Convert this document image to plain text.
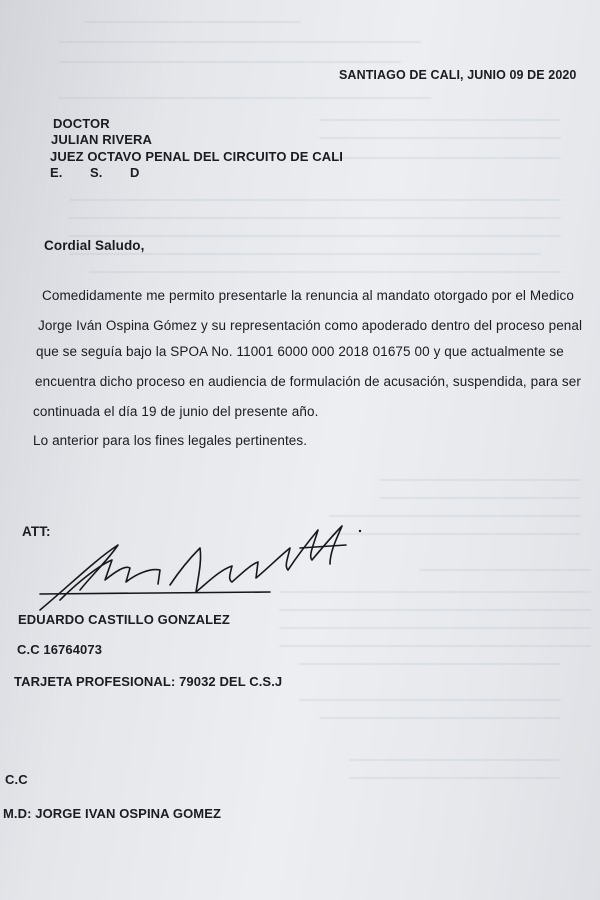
SANTIAGO DE CALI, JUNIO 09 DE 2020
DOCTOR
JULIAN RIVERA
JUEZ OCTAVO PENAL DEL CIRCUITO DE CALI
E. S. D
Cordial Saludo,
Comedidamente me permito presentarle la renuncia al mandato otorgado por el Medico
Jorge Iván Ospina Gómez y su representación como apoderado dentro del proceso penal
que se seguía bajo la SPOA No. 11001 6000 000 2018 01675 00 y que actualmente se
encuentra dicho proceso en audiencia de formulación de acusación, suspendida, para ser
continuada el día 19 de junio del presente año.
Lo anterior para los fines legales pertinentes.
ATT:
EDUARDO CASTILLO GONZALEZ
C.C 16764073
TARJETA PROFESIONAL: 79032 DEL C.S.J
C.C
M.D: JORGE IVAN OSPINA GOMEZ
